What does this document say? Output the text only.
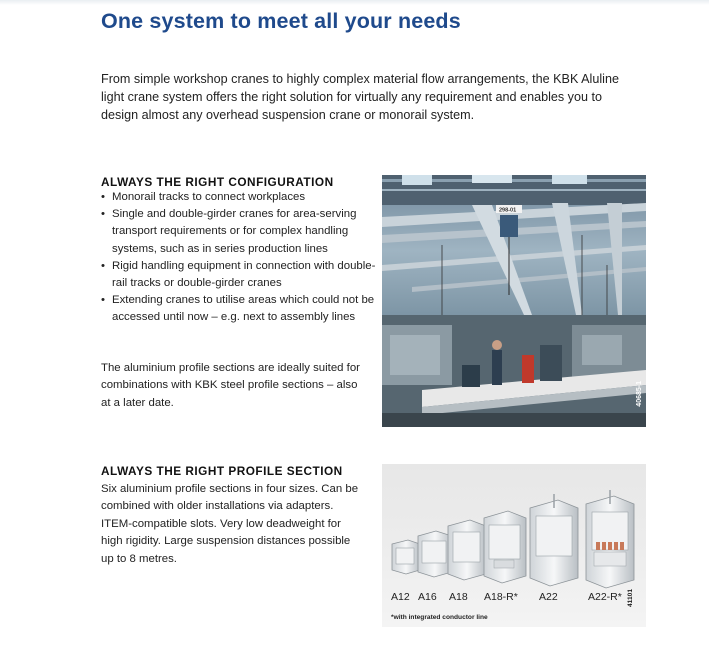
One system to meet all your needs

From simple workshop cranes to highly complex material flow arrangements, the KBK Aluline light crane system offers the right solution for virtually any requirement and enables you to design almost any overhead suspension crane or monorail system.

ALWAYS THE RIGHT CONFIGURATION
• Monorail tracks to connect workplaces
• Single and double-girder cranes for area-serving transport requirements or for complex handling systems, such as in series production lines
• Rigid handling equipment in connection with double-rail tracks or double-girder cranes
• Extending cranes to utilise areas which could not be accessed until now – e.g. next to assembly lines

The aluminium profile sections are ideally suited for combinations with KBK steel profile sections – also at a later date.

298-01
40685-1
ALWAYS THE RIGHT PROFILE SECTION

Six aluminium profile sections in four sizes. Can be combined with older installations via adapters. ITEM-compatible slots. Very low deadweight for high rigidity. Large suspension distances possible up to 8 metres.

A12 A16 A18 A18-R* A22	A22-R*
*with integrated conductor line
41101
